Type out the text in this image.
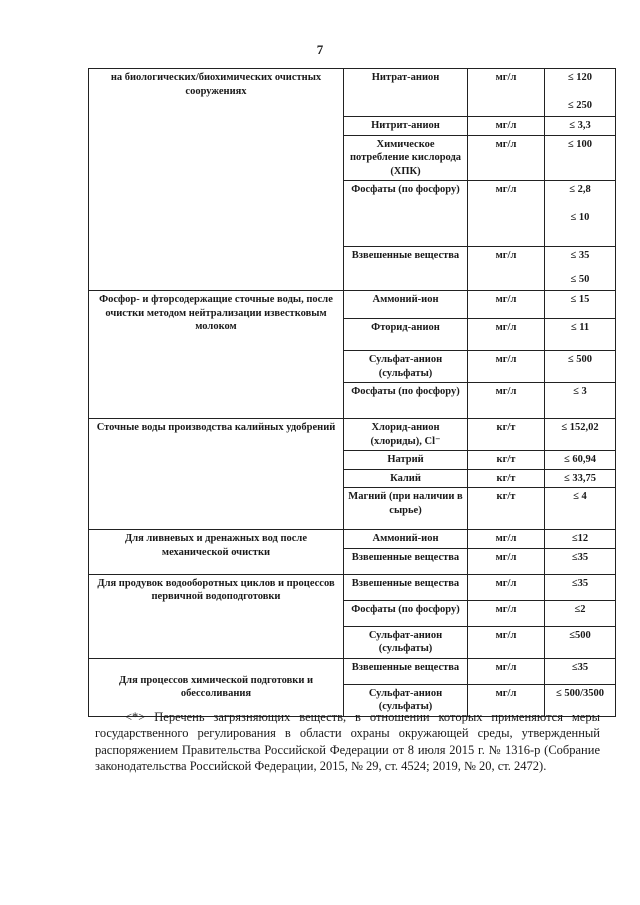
7
на биологических/биохимических очистных сооружениях	Нитрат-анион	мг/л	≤ 120
≤ 250

	Нитрит-анион	мг/л	≤ 3,3
	Химическое потребление кислорода (ХПК)	мг/л	≤ 100
	Фосфаты (по фосфору)	мг/л	≤ 2,8
≤ 10

	Взвешенные вещества	мг/л	≤ 35
≤ 50

Фосфор- и фторсодержащие сточные воды, после очистки методом нейтрализации известковым молоком	Аммоний-ион	мг/л	≤ 15
	Фторид-анион	мг/л	≤ 11
	Сульфат-анион (сульфаты)	мг/л	≤ 500
	Фосфаты (по фосфору)	мг/л	≤ 3
Сточные воды производства калийных удобрений	Хлорид-анион (хлориды), Cl⁻	кг/т	≤ 152,02
	Натрий	кг/т	≤ 60,94
	Калий	кг/т	≤ 33,75
	Магний (при наличии в сырье)	кг/т	≤ 4
Для ливневых и дренажных вод после механической очистки	Аммоний-ион	мг/л	≤12
	Взвешенные вещества	мг/л	≤35
Для продувок водооборотных циклов и процессов первичной водоподготовки	Взвешенные вещества	мг/л	≤35
	Фосфаты (по фосфору)	мг/л	≤2
	Сульфат-анион (сульфаты)	мг/л	≤500
Для процессов химической подготовки и обессоливания	Взвешенные вещества	мг/л	≤35
	Сульфат-анион (сульфаты)	мг/л	≤ 500/3500

<*> Перечень загрязняющих веществ, в отношении которых применяются меры государственного регулирования в области охраны окружающей среды, утвержденный распоряжением Правительства Российской Федерации от 8 июля 2015 г. № 1316-р (Собрание законодательства Российской Федерации, 2015, № 29, ст. 4524; 2019, № 20, ст. 2472).
